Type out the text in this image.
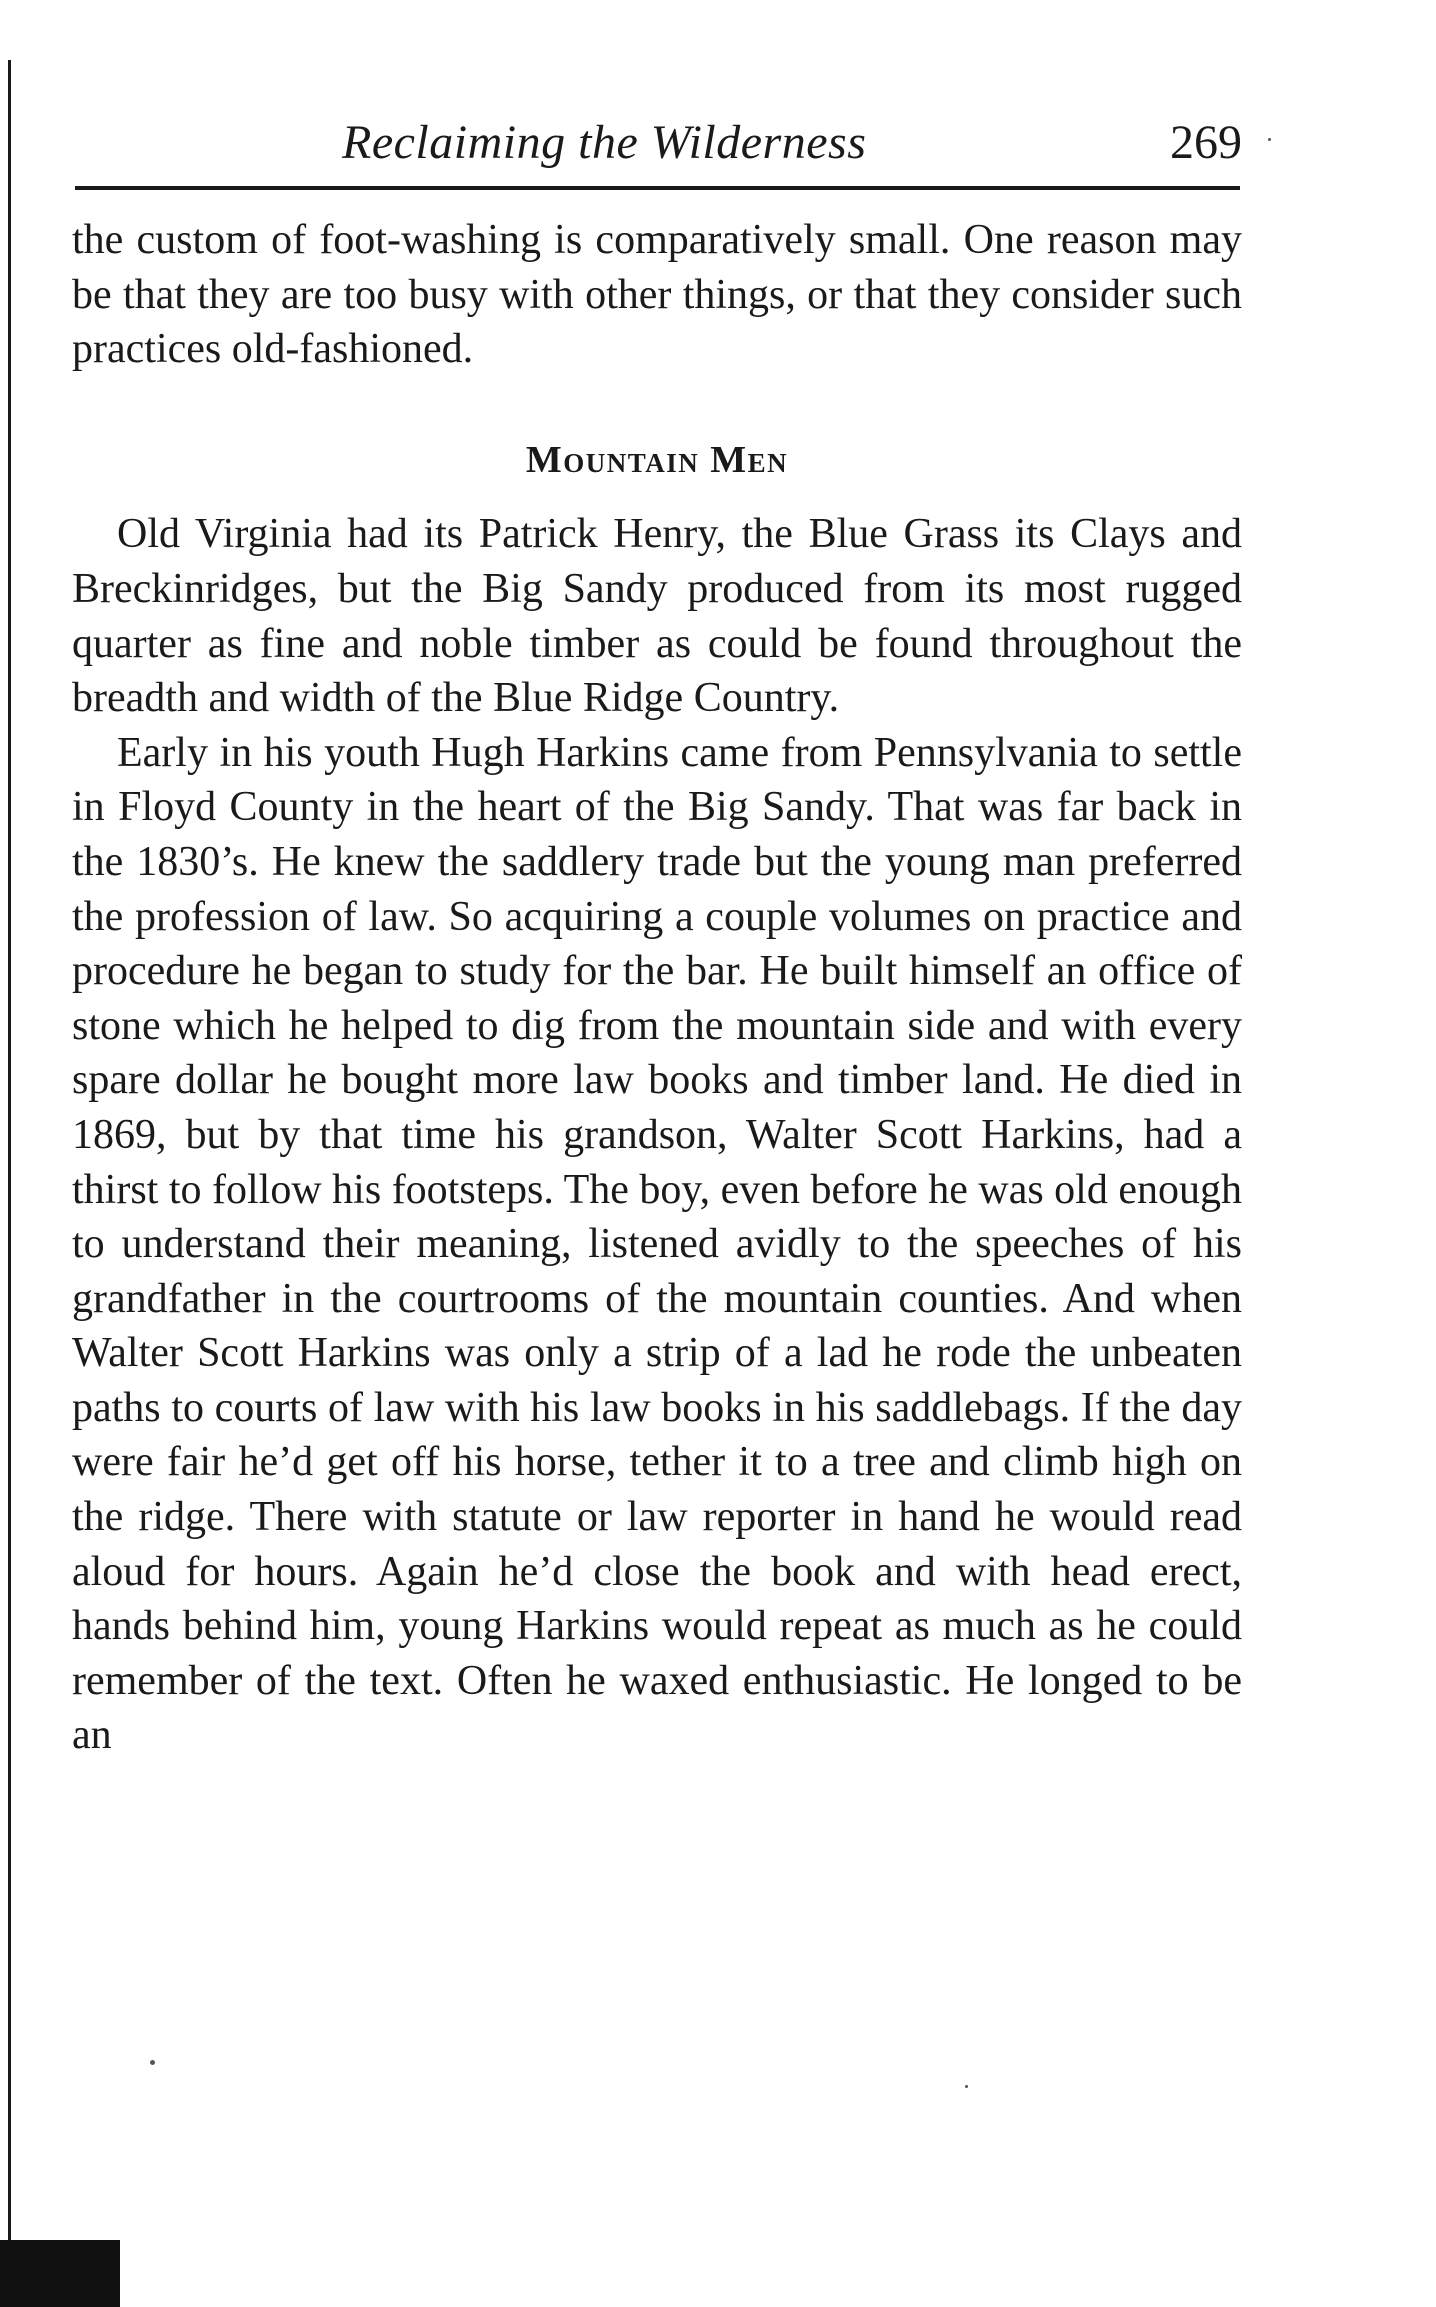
Reclaiming the Wilderness	269

the custom of foot-washing is comparatively small. One reason may be that they are too busy with other things, or that they consider such practices old-fashioned.

Mountain Men

Old Virginia had its Patrick Henry, the Blue Grass its Clays and Breckinridges, but the Big Sandy produced from its most rugged quarter as fine and noble timber as could be found throughout the breadth and width of the Blue Ridge Country.

Early in his youth Hugh Harkins came from Pennsylvania to settle in Floyd County in the heart of the Big Sandy. That was far back in the 1830’s. He knew the saddlery trade but the young man preferred the profession of law. So acquiring a couple volumes on practice and procedure he began to study for the bar. He built himself an office of stone which he helped to dig from the mountain side and with every spare dollar he bought more law books and timber land. He died in 1869, but by that time his grandson, Walter Scott Harkins, had a thirst to follow his footsteps. The boy, even before he was old enough to understand their meaning, listened avidly to the speeches of his grandfather in the courtrooms of the mountain counties. And when Walter Scott Harkins was only a strip of a lad he rode the unbeaten paths to courts of law with his law books in his saddlebags. If the day were fair he’d get off his horse, tether it to a tree and climb high on the ridge. There with statute or law reporter in hand he would read aloud for hours. Again he’d close the book and with head erect, hands behind him, young Harkins would repeat as much as he could remember of the text. Often he waxed enthusiastic. He longed to be an
